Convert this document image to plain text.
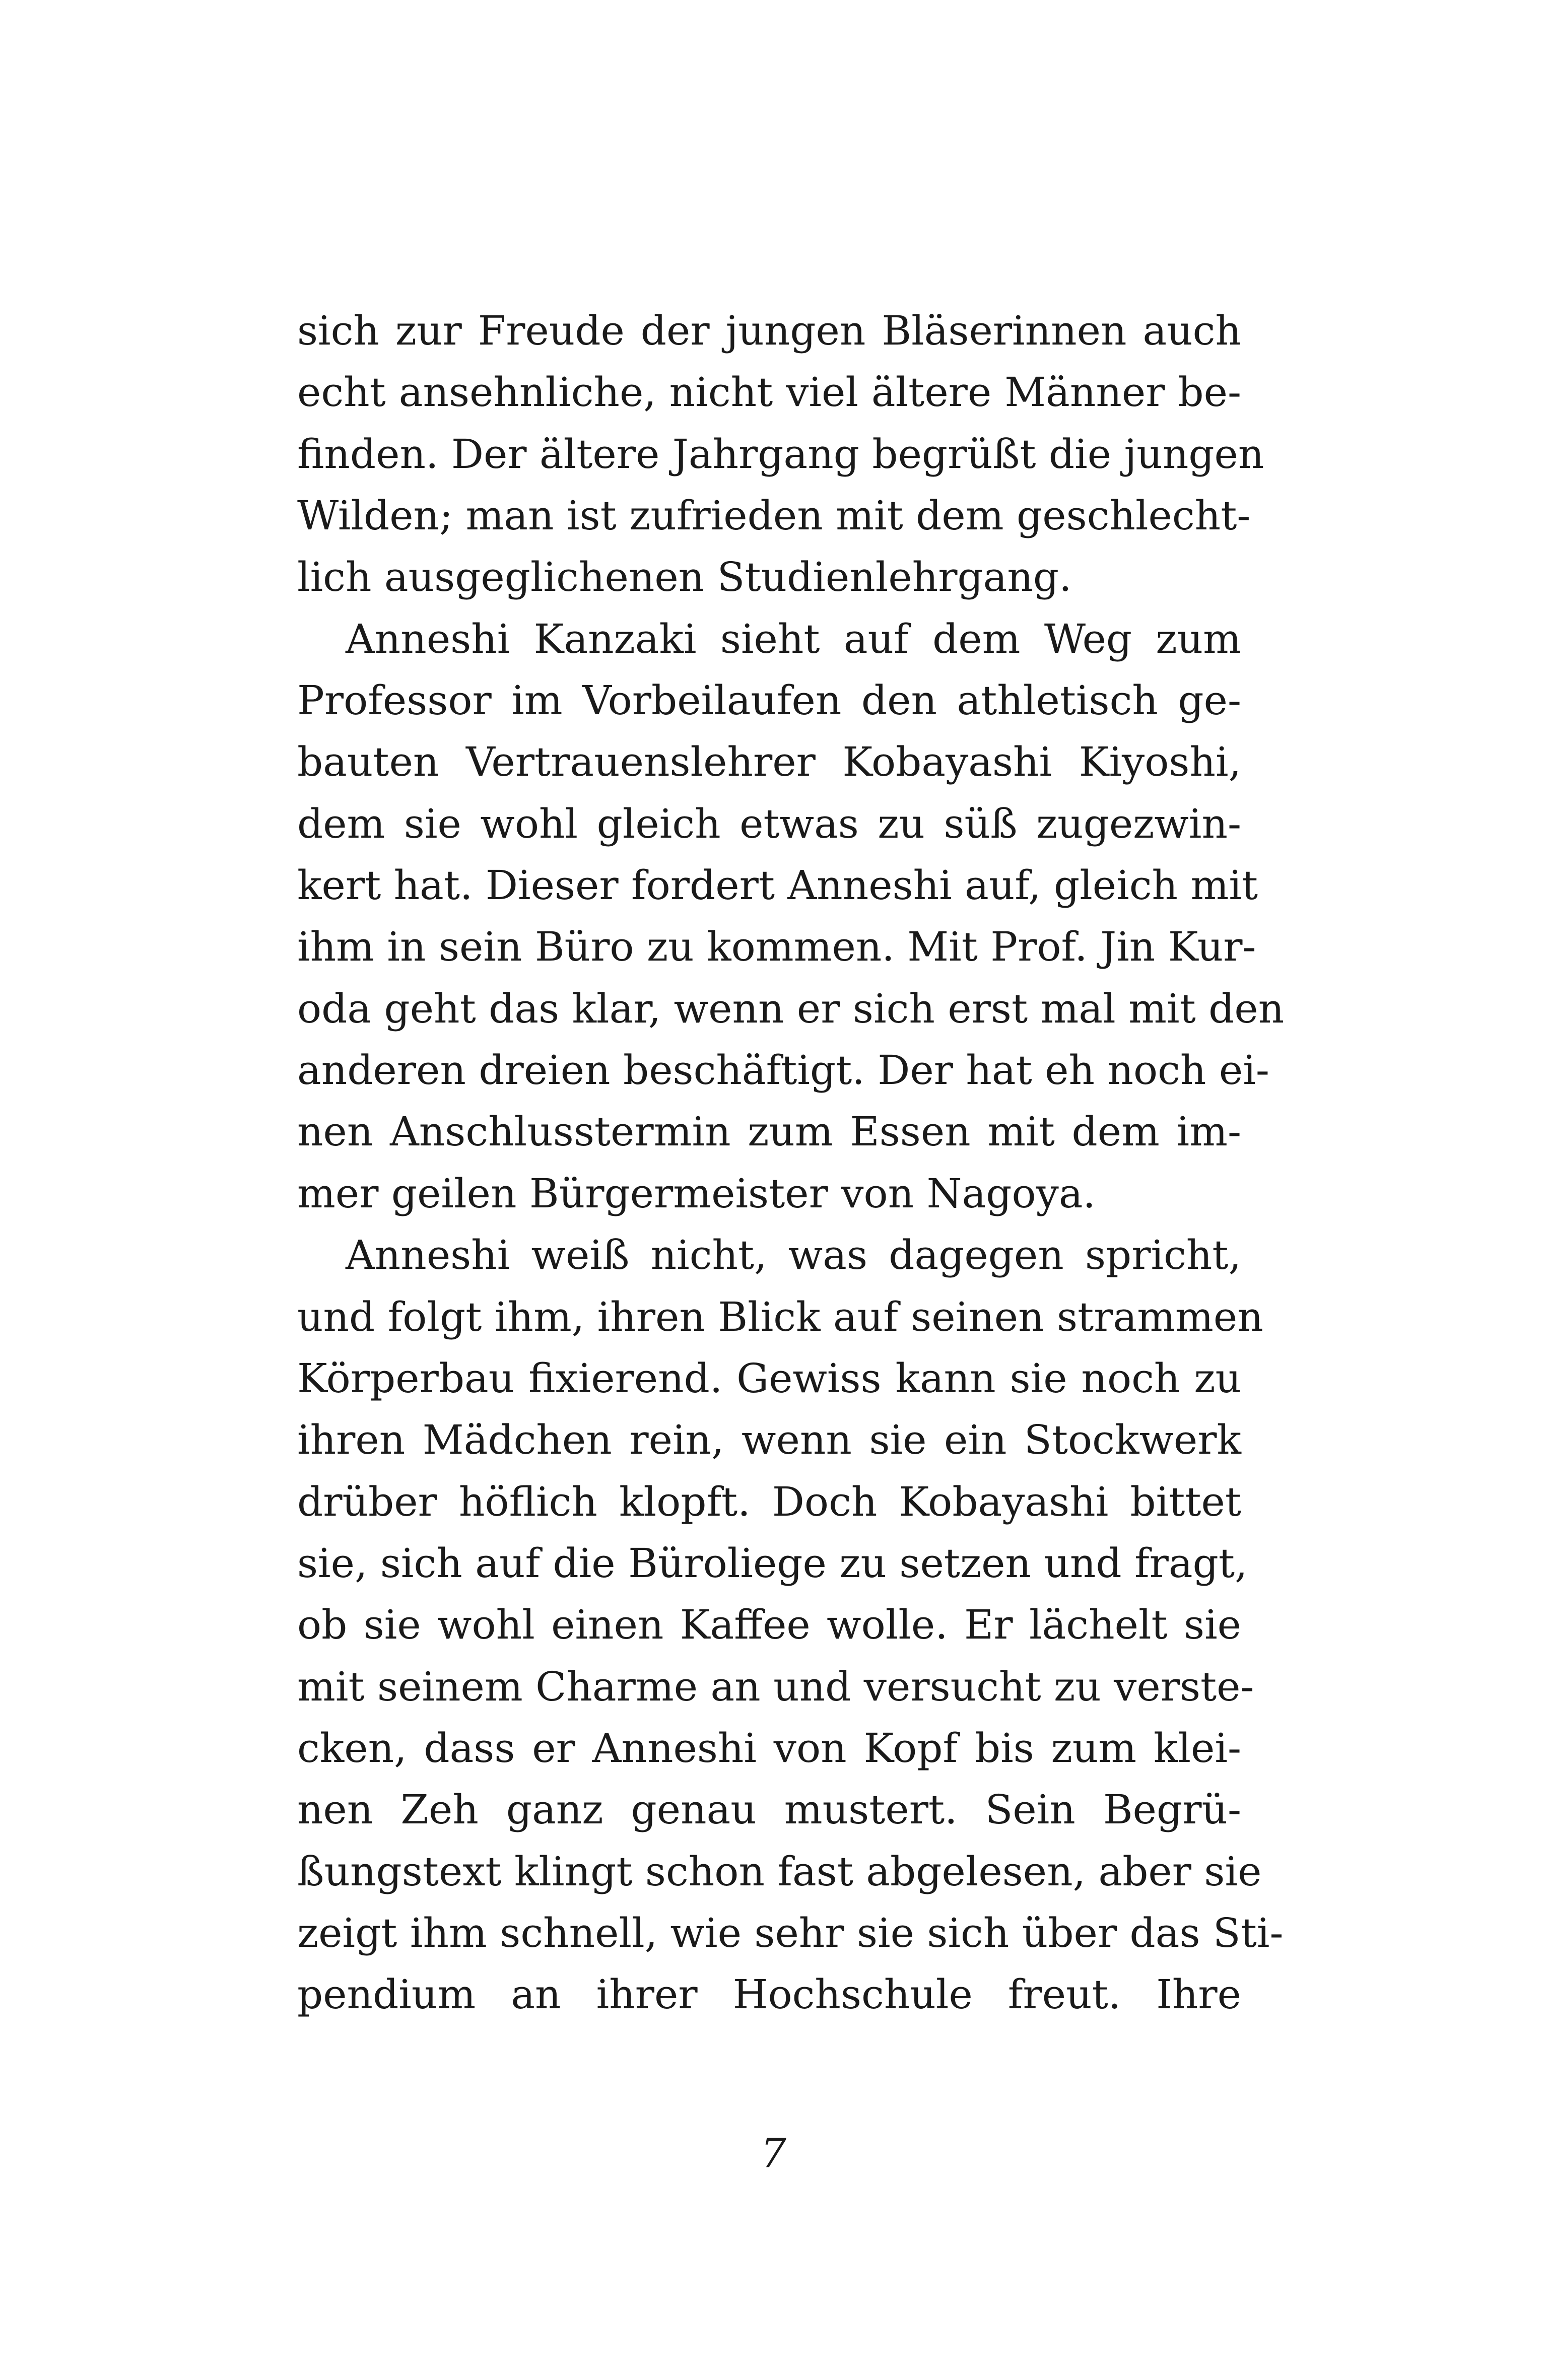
sich zur Freude der jungen Bläserinnen auch
echt ansehnliche, nicht viel ältere Männer be-
finden. Der ältere Jahrgang begrüßt die jungen
Wilden; man ist zufrieden mit dem geschlecht-
lich ausgeglichenen Studienlehrgang.
Anneshi Kanzaki sieht auf dem Weg zum
Professor im Vorbeilaufen den athletisch ge-
bauten Vertrauenslehrer Kobayashi Kiyoshi,
dem sie wohl gleich etwas zu süß zugezwin-
kert hat. Dieser fordert Anneshi auf, gleich mit
ihm in sein Büro zu kommen. Mit Prof. Jin Kur-
oda geht das klar, wenn er sich erst mal mit den
anderen dreien beschäftigt. Der hat eh noch ei-
nen Anschlusstermin zum Essen mit dem im-
mer geilen Bürgermeister von Nagoya.
Anneshi weiß nicht, was dagegen spricht,
und folgt ihm, ihren Blick auf seinen strammen
Körperbau fixierend. Gewiss kann sie noch zu
ihren Mädchen rein, wenn sie ein Stockwerk
drüber höflich klopft. Doch Kobayashi bittet
sie, sich auf die Büroliege zu setzen und fragt,
ob sie wohl einen Kaffee wolle. Er lächelt sie
mit seinem Charme an und versucht zu verste-
cken, dass er Anneshi von Kopf bis zum klei-
nen Zeh ganz genau mustert. Sein Begrü-
ßungstext klingt schon fast abgelesen, aber sie
zeigt ihm schnell, wie sehr sie sich über das Sti-
pendium an ihrer Hochschule freut. Ihre
7
